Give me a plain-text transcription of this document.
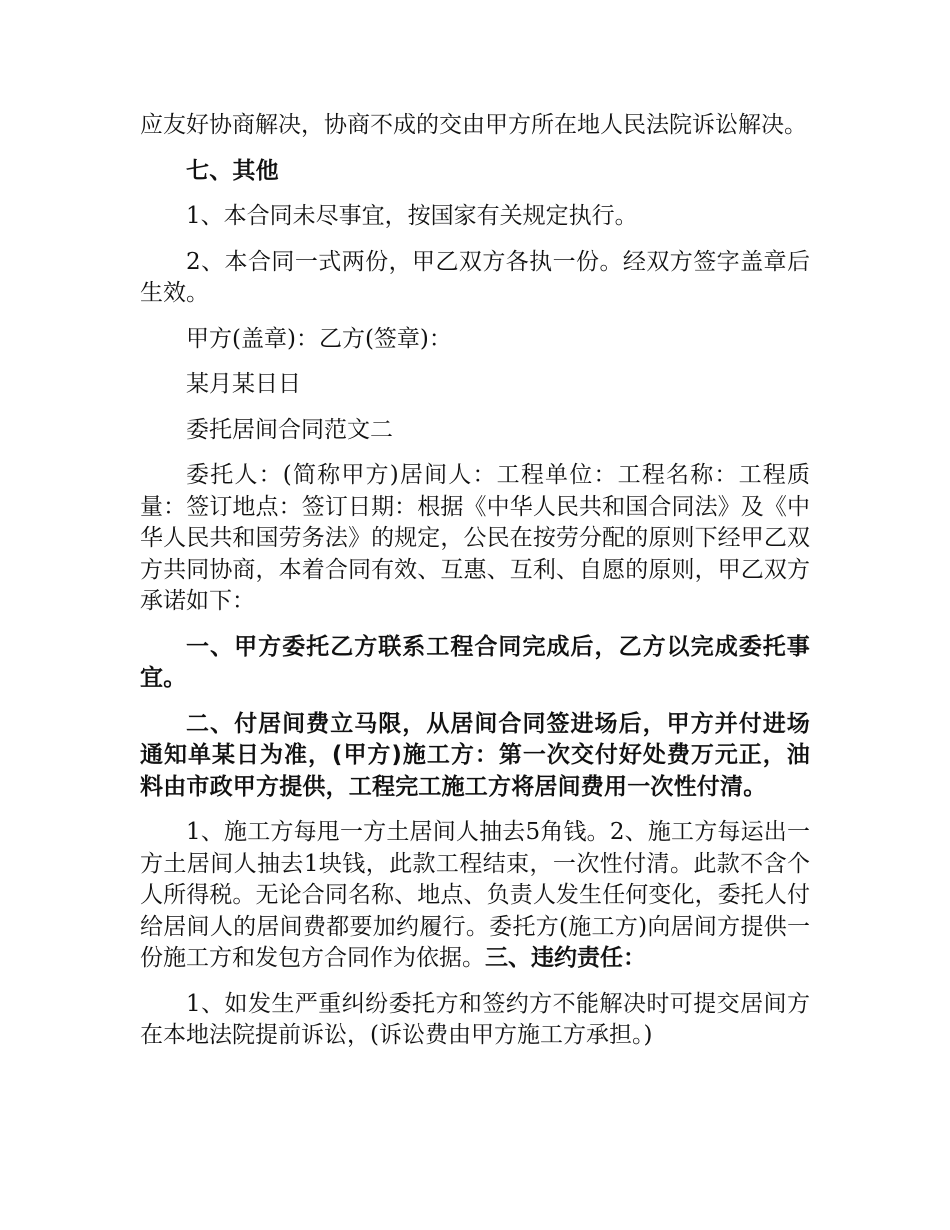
应友好协商解决，协商不成的交由甲方所在地人民法院诉讼解决。

七、其他

1、本合同未尽事宜，按国家有关规定执行。

2、本合同一式两份，甲乙双方各执一份。经双方签字盖章后生效。

甲方(盖章)：乙方(签章)：

某月某日日

委托居间合同范文二

委托人：(简称甲方)居间人：工程单位：工程名称：工程质量：签订地点：签订日期：根据《中华人民共和国合同法》及《中华人民共和国劳务法》的规定，公民在按劳分配的原则下经甲乙双方共同协商，本着合同有效、互惠、互利、自愿的原则，甲乙双方承诺如下：

一、甲方委托乙方联系工程合同完成后，乙方以完成委托事宜。

二、付居间费立马限，从居间合同签进场后，甲方并付进场通知单某日为准，(甲方)施工方：第一次交付好处费万元正，油料由市政甲方提供，工程完工施工方将居间费用一次性付清。

1、施工方每甩一方土居间人抽去5角钱。2、施工方每运出一方土居间人抽去1块钱，此款工程结束，一次性付清。此款不含个人所得税。无论合同名称、地点、负责人发生任何变化，委托人付给居间人的居间费都要加约履行。委托方(施工方)向居间方提供一份施工方和发包方合同作为依据。三、违约责任：

1、如发生严重纠纷委托方和签约方不能解决时可提交居间方在本地法院提前诉讼，(诉讼费由甲方施工方承担。)
